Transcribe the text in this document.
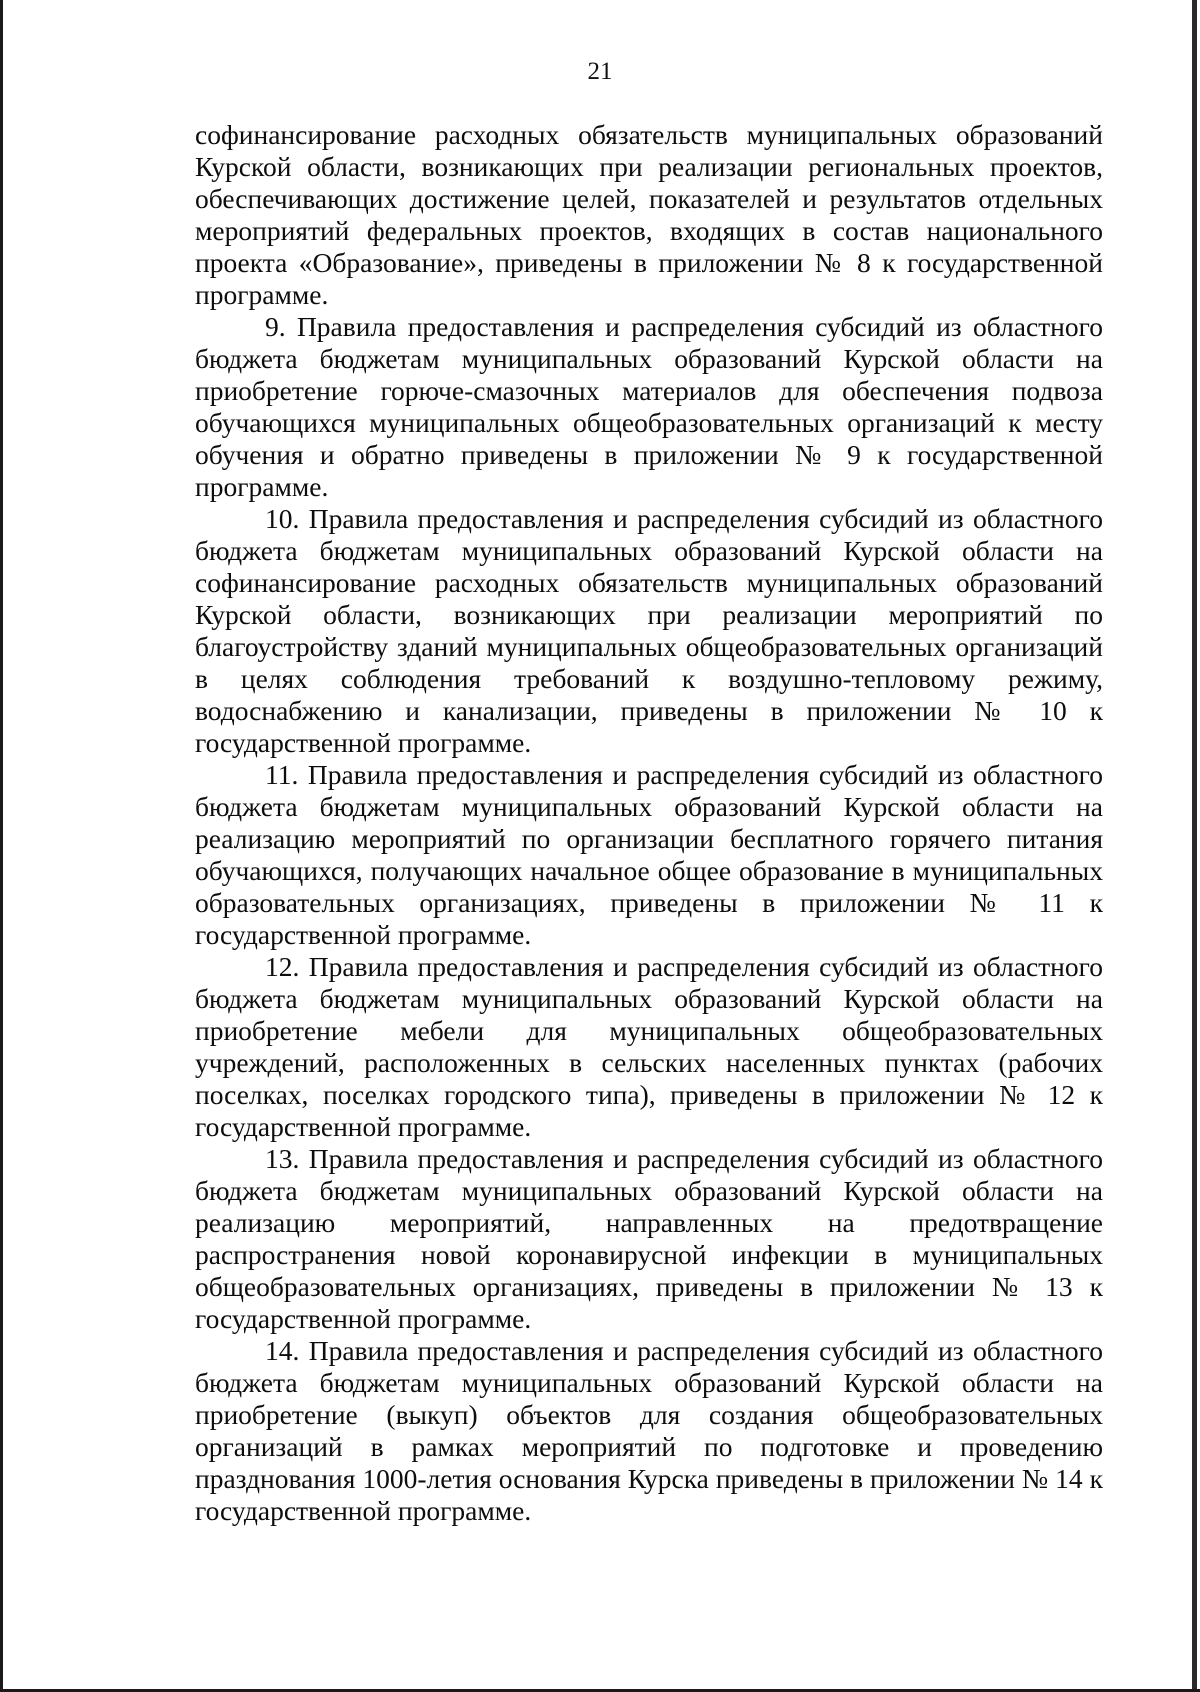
21

софинансирование расходных обязательств муниципальных образований Курской области, возникающих при реализации региональных проектов, обеспечивающих достижение целей, показателей и результатов отдельных мероприятий федеральных проектов, входящих в состав национального проекта «Образование», приведены в приложении № 8 к государственной программе.

9. Правила предоставления и распределения субсидий из областного бюджета бюджетам муниципальных образований Курской области на приобретение горюче-смазочных материалов для обеспечения подвоза обучающихся муниципальных общеобразовательных организаций к месту обучения и обратно приведены в приложении № 9 к государственной программе.

10. Правила предоставления и распределения субсидий из областного бюджета бюджетам муниципальных образований Курской области на софинансирование расходных обязательств муниципальных образований Курской области, возникающих при реализации мероприятий по благоустройству зданий муниципальных общеобразовательных организаций в целях соблюдения требований к воздушно-тепловому режиму, водоснабжению и канализации, приведены в приложении № 10 к государственной программе.

11. Правила предоставления и распределения субсидий из областного бюджета бюджетам муниципальных образований Курской области на реализацию мероприятий по организации бесплатного горячего питания обучающихся, получающих начальное общее образование в муниципальных образовательных организациях, приведены в приложении № 11 к государственной программе.

12. Правила предоставления и распределения субсидий из областного бюджета бюджетам муниципальных образований Курской области на приобретение мебели для муниципальных общеобразовательных учреждений, расположенных в сельских населенных пунктах (рабочих поселках, поселках городского типа), приведены в приложении № 12 к государственной программе.

13. Правила предоставления и распределения субсидий из областного бюджета бюджетам муниципальных образований Курской области на реализацию мероприятий, направленных на предотвращение распространения новой коронавирусной инфекции в муниципальных общеобразовательных организациях, приведены в приложении № 13 к государственной программе.

14. Правила предоставления и распределения субсидий из областного бюджета бюджетам муниципальных образований Курской области на приобретение (выкуп) объектов для создания общеобразовательных организаций в рамках мероприятий по подготовке и проведению празднования 1000-летия основания Курска приведены в приложении № 14 к государственной программе.
